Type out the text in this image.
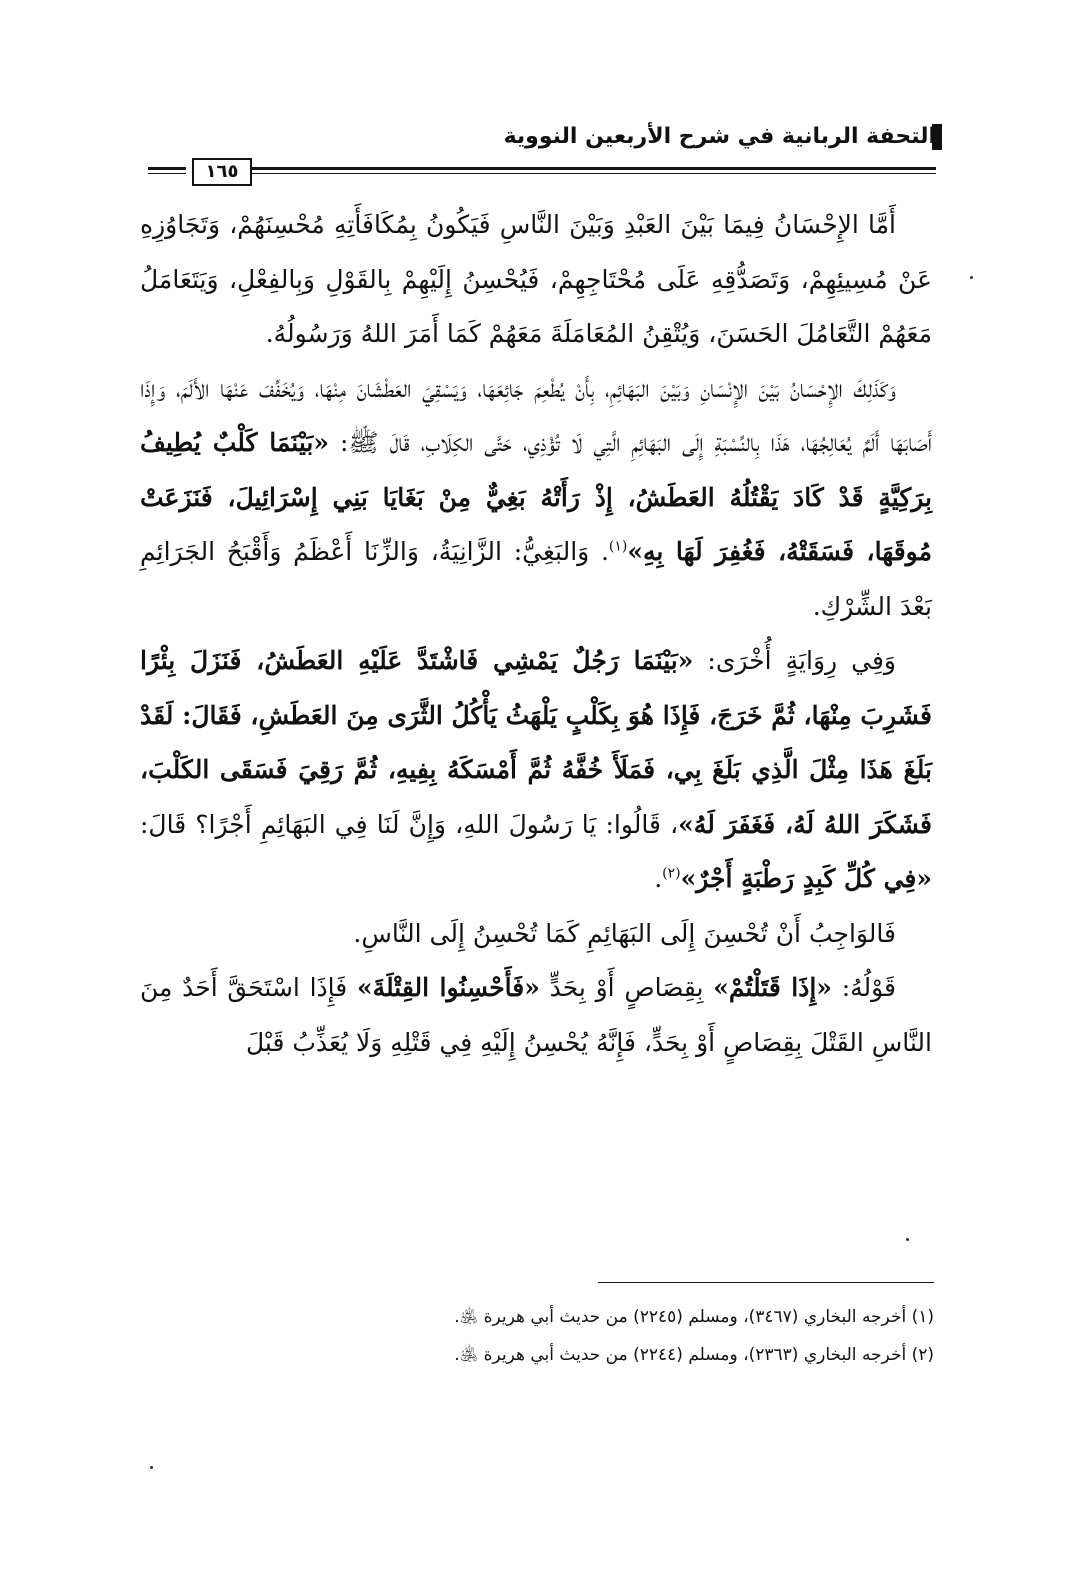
التحفة الربانية في شرح الأربعين النووية
١٦٥

أَمَّا الإِحْسَانُ فِيمَا بَيْنَ العَبْدِ وَبَيْنَ النَّاسِ فَيَكُونُ بِمُكَافَأَتِهِ مُحْسِنَهُمْ، وَتَجَاوُزِهِ عَنْ مُسِيئِهِمْ، وَتَصَدُّقِهِ عَلَى مُحْتَاجِهِمْ، فَيُحْسِنُ إِلَيْهِمْ بِالقَوْلِ وَبِالفِعْلِ، وَيَتَعَامَلُ مَعَهُمْ التَّعَامُلَ الحَسَنَ، وَيُتْقِنُ المُعَامَلَةَ مَعَهُمْ كَمَا أَمَرَ اللهُ وَرَسُولُهُ.

وَكَذَلِكَ الإِحْسَانُ بَيْنَ الإِنْسَانِ وَبَيْنَ البَهَائِمِ، بِأَنْ يُطْعِمَ جَائِعَهَا، وَيَسْقِيَ العَطْشَانَ مِنْهَا، وَيُخَفِّفَ عَنْهَا الأَلَمَ، وَإِذَا أَصَابَهَا أَلَمٌ يُعَالِجُهَا، هَذَا بِالنِّسْبَةِ إِلَى البَهَائِمِ الَّتِي لَا تُؤْذِي، حَتَّى الكِلَابِ، قَالَ ﷺ: «بَيْنَمَا كَلْبٌ يُطِيفُ بِرَكِيَّةٍ قَدْ كَادَ يَقْتُلُهُ العَطَشُ، إِذْ رَأَتْهُ بَغِيٌّ مِنْ بَغَايَا بَنِي إِسْرَائِيلَ، فَنَزَعَتْ مُوقَهَا، فَسَقَتْهُ، فَغُفِرَ لَهَا بِهِ»$^{(١)}$. وَالبَغِيُّ: الزَّانِيَةُ، وَالزِّنَا أَعْظَمُ وَأَقْبَحُ الجَرَائِمِ بَعْدَ الشِّرْكِ.

وَفِي رِوَايَةٍ أُخْرَى: «بَيْنَمَا رَجُلٌ يَمْشِي فَاشْتَدَّ عَلَيْهِ العَطَشُ، فَنَزَلَ بِئْرًا فَشَرِبَ مِنْهَا، ثُمَّ خَرَجَ، فَإِذَا هُوَ بِكَلْبٍ يَلْهَثُ يَأْكُلُ الثَّرَى مِنَ العَطَشِ، فَقَالَ: لَقَدْ بَلَغَ هَذَا مِثْلَ الَّذِي بَلَغَ بِي، فَمَلَأَ خُفَّهُ ثُمَّ أَمْسَكَهُ بِفِيهِ، ثُمَّ رَقِيَ فَسَقَى الكَلْبَ، فَشَكَرَ اللهُ لَهُ، فَغَفَرَ لَهُ»، قَالُوا: يَا رَسُولَ اللهِ، وَإِنَّ لَنَا فِي البَهَائِمِ أَجْرًا؟ قَالَ: «فِي كُلِّ كَبِدٍ رَطْبَةٍ أَجْرٌ»$^{(٢)}$.

فَالوَاجِبُ أَنْ تُحْسِنَ إِلَى البَهَائِمِ كَمَا تُحْسِنُ إِلَى النَّاسِ.

قَوْلُهُ: «إِذَا قَتَلْتُمْ» بِقِصَاصٍ أَوْ بِحَدٍّ «فَأَحْسِنُوا القِتْلَةَ» فَإِذَا اسْتَحَقَّ أَحَدٌ مِنَ النَّاسِ القَتْلَ بِقِصَاصٍ أَوْ بِحَدٍّ، فَإِنَّهُ يُحْسِنُ إِلَيْهِ فِي قَتْلِهِ وَلَا يُعَذِّبُ قَبْلَ

(١) أخرجه البخاري (٣٤٦٧)، ومسلم (٢٢٤٥) من حديث أبي هريرة ﵁.

(٢) أخرجه البخاري (٢٣٦٣)، ومسلم (٢٢٤٤) من حديث أبي هريرة ﵁.
